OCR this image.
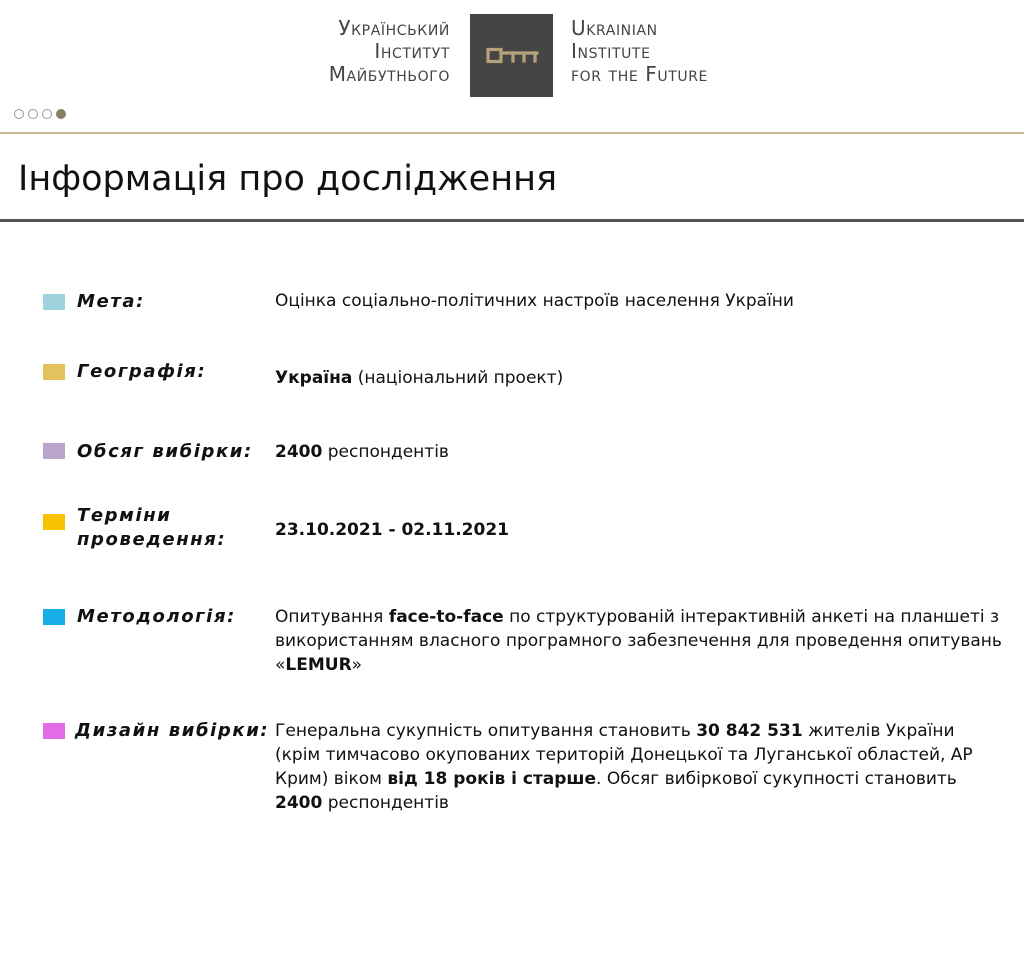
Український
Інститут
Майбутнього
Ukrainian
Institute
for the Future
Інформація про дослідження
Мета:	Оцінка соціально-політичних настроїв населення України
Географія:	Україна (національний проект)
Обсяг вибірки: 2400 респондентів
Терміни проведення:	23.10.2021 - 02.11.2021
Методологія: Опитування face-to-face по структурованій інтерактивній анкеті на планшеті з використанням власного програмного забезпечення для проведення опитувань «LEMUR»
Дизайн вибірки: Генеральна сукупність опитування становить 30 842 531 жителів України (крім тимчасово окупованих територій Донецької та Луганської областей, АР Крим) віком від 18 років і старше. Обсяг вибіркової сукупності становить 2400 респондентів
